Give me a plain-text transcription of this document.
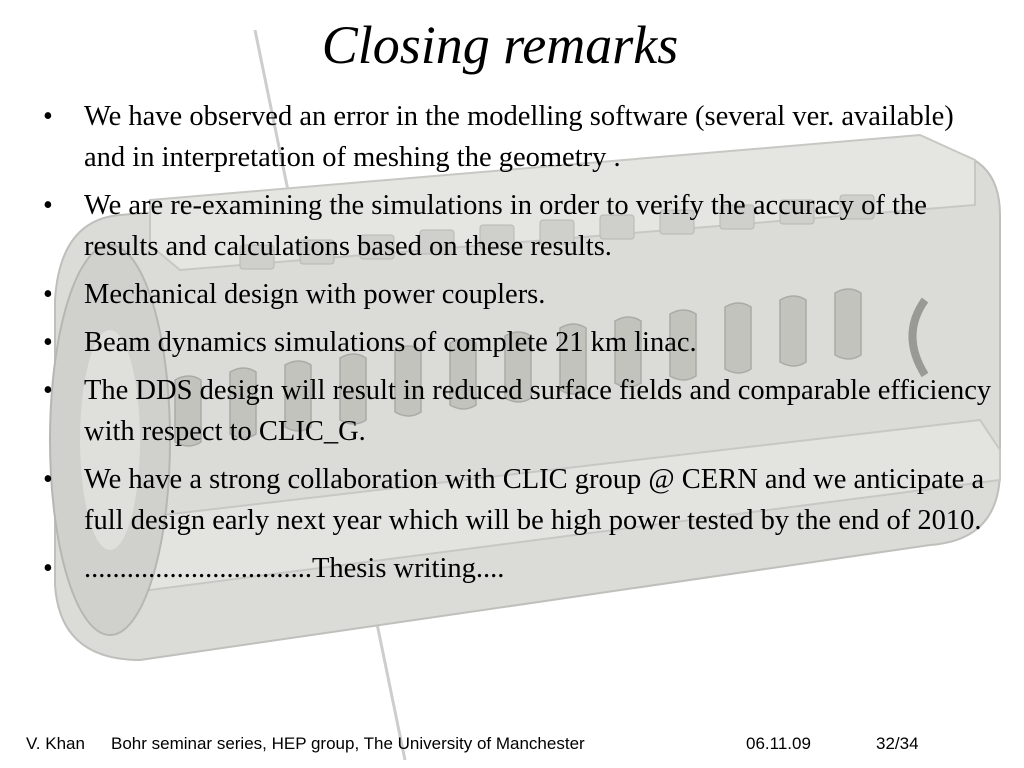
Closing remarks
• We have observed an error in the modelling software (several ver. available) and in interpretation of meshing the geometry .
• We are re-examining the simulations in order to verify the accuracy of the results and calculations based on these results.
• Mechanical design with power couplers.
• Beam dynamics simulations of complete 21 km linac.
• The DDS design will result in reduced surface fields and comparable efficiency with respect to CLIC_G.
• We have a strong collaboration with CLIC group @ CERN and we anticipate a full design early next year which will be high power tested by the end of 2010.
• ................................Thesis writing....
V. Khan Bohr seminar series, HEP group, The University of Manchester	06.11.09	32/34
